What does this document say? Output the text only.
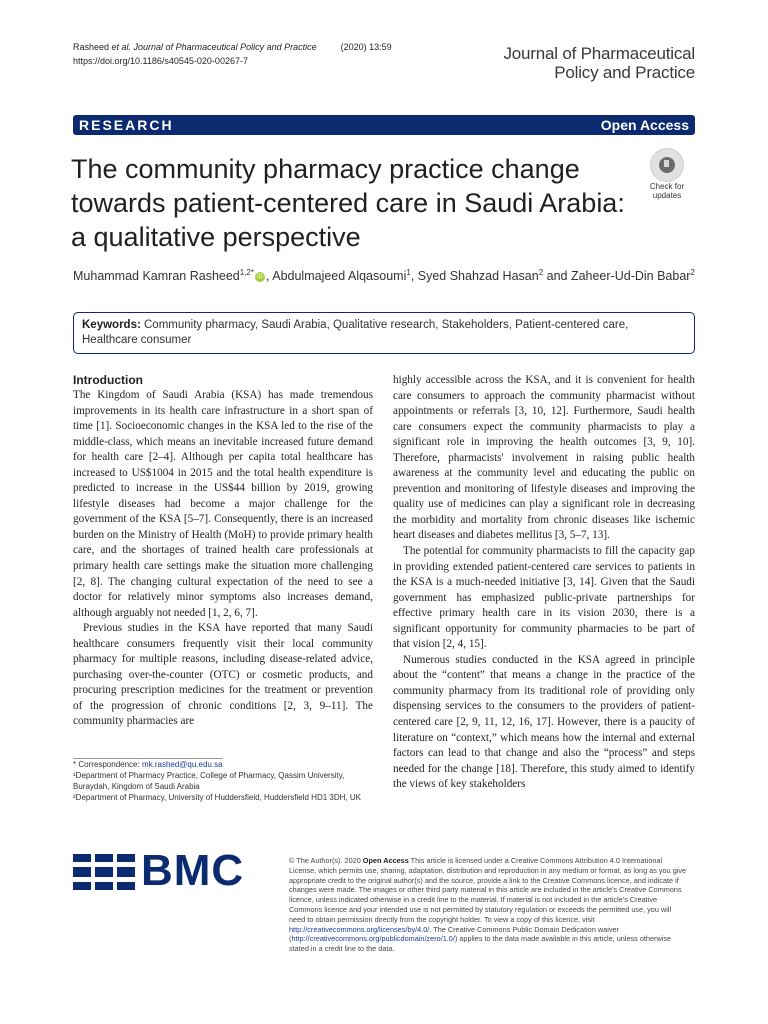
Rasheed et al. Journal of Pharmaceutical Policy and Practice	(2020) 13:59
https://doi.org/10.1186/s40545-020-00267-7	Journal of Pharmaceutical
Policy and Practice
RESEARCH	Open Access
The community pharmacy practice change towards patient-centered care in Saudi Arabia: a qualitative perspective
Check for
updates
Muhammad Kamran Rasheed$^{1,2*}$ iD , Abdulmajeed Alqasoumi$^1$, Syed Shahzad Hasan$^2$ and Zaheer-Ud-Din Babar$^2$
Keywords: Community pharmacy, Saudi Arabia, Qualitative research, Stakeholders, Patient-centered care, Healthcare consumer
Introduction

The Kingdom of Saudi Arabia (KSA) has made tremendous improvements in its health care infrastructure in a short span of time [1]. Socioeconomic changes in the KSA led to the rise of the middle-class, which means an inevitable increased future demand for health care [2–4]. Although per capita total healthcare has increased to US$1004 in 2015 and the total health expenditure is predicted to increase in the US$44 billion by 2019, growing lifestyle diseases had become a major challenge for the government of the KSA [5–7]. Consequently, there is an increased burden on the Ministry of Health (MoH) to provide primary health care, and the shortages of trained health care professionals at primary health care settings make the situation more challenging [2, 8]. The changing cultural expectation of the need to see a doctor for relatively minor symptoms also increases demand, although arguably not needed [1, 2, 6, 7].

Previous studies in the KSA have reported that many Saudi healthcare consumers frequently visit their local community pharmacy for multiple reasons, including disease-related advice, purchasing over-the-counter (OTC) or cosmetic products, and procuring prescription medicines for the treatment or prevention of the progression of chronic conditions [2, 3, 9–11]. The community pharmacies are

highly accessible across the KSA, and it is convenient for health care consumers to approach the community pharmacist without appointments or referrals [3, 10, 12]. Furthermore, Saudi health care consumers expect the community pharmacists to play a significant role in improving the health outcomes [3, 9, 10]. Therefore, pharmacists' involvement in raising public health awareness at the community level and educating the public on prevention and monitoring of lifestyle diseases and improving the quality use of medicines can play a significant role in decreasing the morbidity and mortality from chronic diseases like ischemic heart diseases and diabetes mellitus [3, 5–7, 13].

The potential for community pharmacists to fill the capacity gap in providing extended patient-centered care services to patients in the KSA is a much-needed initiative [3, 14]. Given that the Saudi government has emphasized public-private partnerships for effective primary health care in its vision 2030, there is a significant opportunity for community pharmacies to be part of that vision [2, 4, 15].

Numerous studies conducted in the KSA agreed in principle about the “content” that means a change in the practice of the community pharmacy from its traditional role of providing only dispensing services to the consumers to the providers of patient-centered care [2, 9, 11, 12, 16, 17]. However, there is a paucity of literature on “context,” which means how the internal and external factors can lead to that change and also the “process” and steps needed for the change [18]. Therefore, this study aimed to identify the views of key stakeholders

* Correspondence: mk.rashed@qu.edu.sa
¹Department of Pharmacy Practice, College of Pharmacy, Qassim University, Buraydah, Kingdom of Saudi Arabia
²Department of Pharmacy, University of Huddersfield, Huddersfield HD1 3DH, UK
BMC	© The Author(s). 2020 Open Access This article is licensed under a Creative Commons Attribution 4.0 International License, which permits use, sharing, adaptation, distribution and reproduction in any medium or format, as long as you give appropriate credit to the original author(s) and the source, provide a link to the Creative Commons licence, and indicate if changes were made. The images or other third party material in this article are included in the article's Creative Commons licence, unless indicated otherwise in a credit line to the material. If material is not included in the article's Creative Commons licence and your intended use is not permitted by statutory regulation or exceeds the permitted use, you will need to obtain permission directly from the copyright holder. To view a copy of this licence, visit http://creativecommons.org/licenses/by/4.0/. The Creative Commons Public Domain Dedication waiver (http://creativecommons.org/publicdomain/zero/1.0/) applies to the data made available in this article, unless otherwise stated in a credit line to the data.
